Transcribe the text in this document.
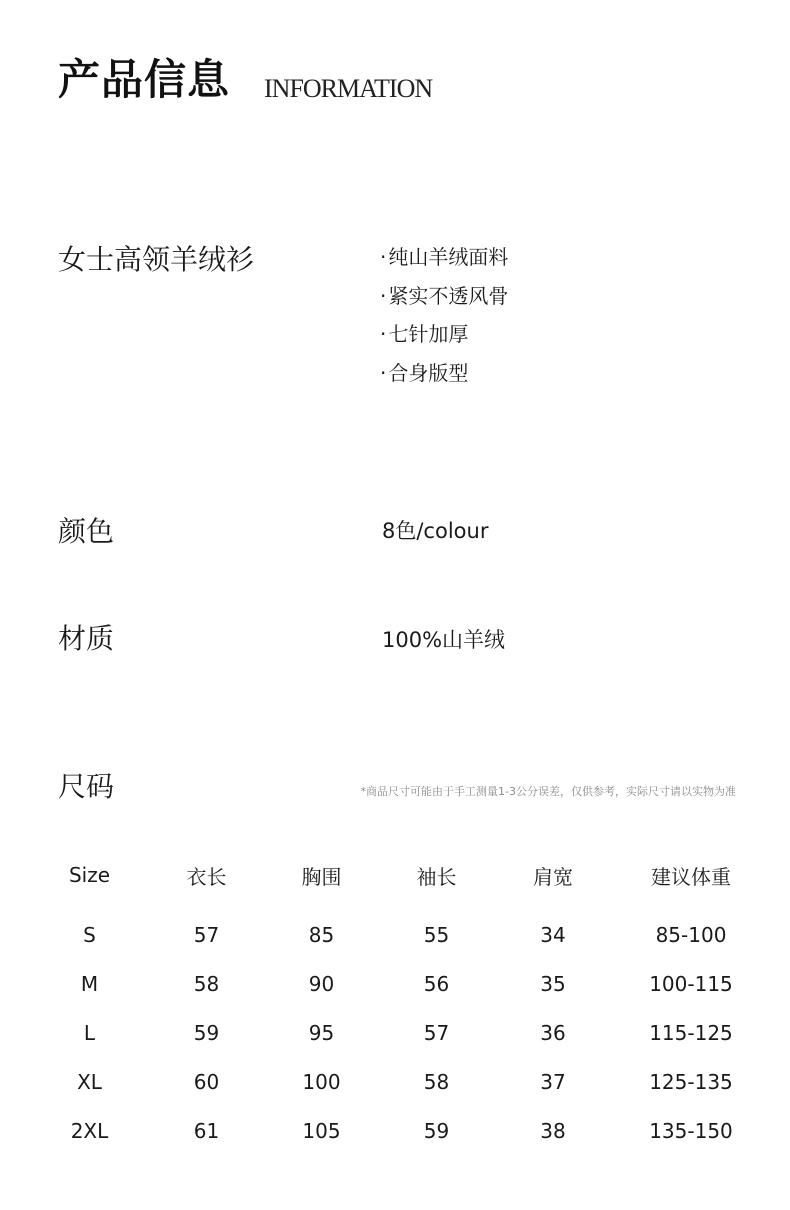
产品信息 INFORMATION
女士高领羊绒衫	· 纯山羊绒面料
· 紧实不透风骨
· 七针加厚
· 合身版型
颜色	8色/colour
材质	100%山羊绒
尺码	*商品尺寸可能由于手工测量1-3公分误差，仅供参考，实际尺寸请以实物为准
Size	衣长	胸围	袖长	肩宽	建议体重

S	57	85	55	34	85-100
M	58	90	56	35	100-115
L	59	95	57	36	115-125
XL	60	100	58	37	125-135
2XL	61	105	59	38	135-150
